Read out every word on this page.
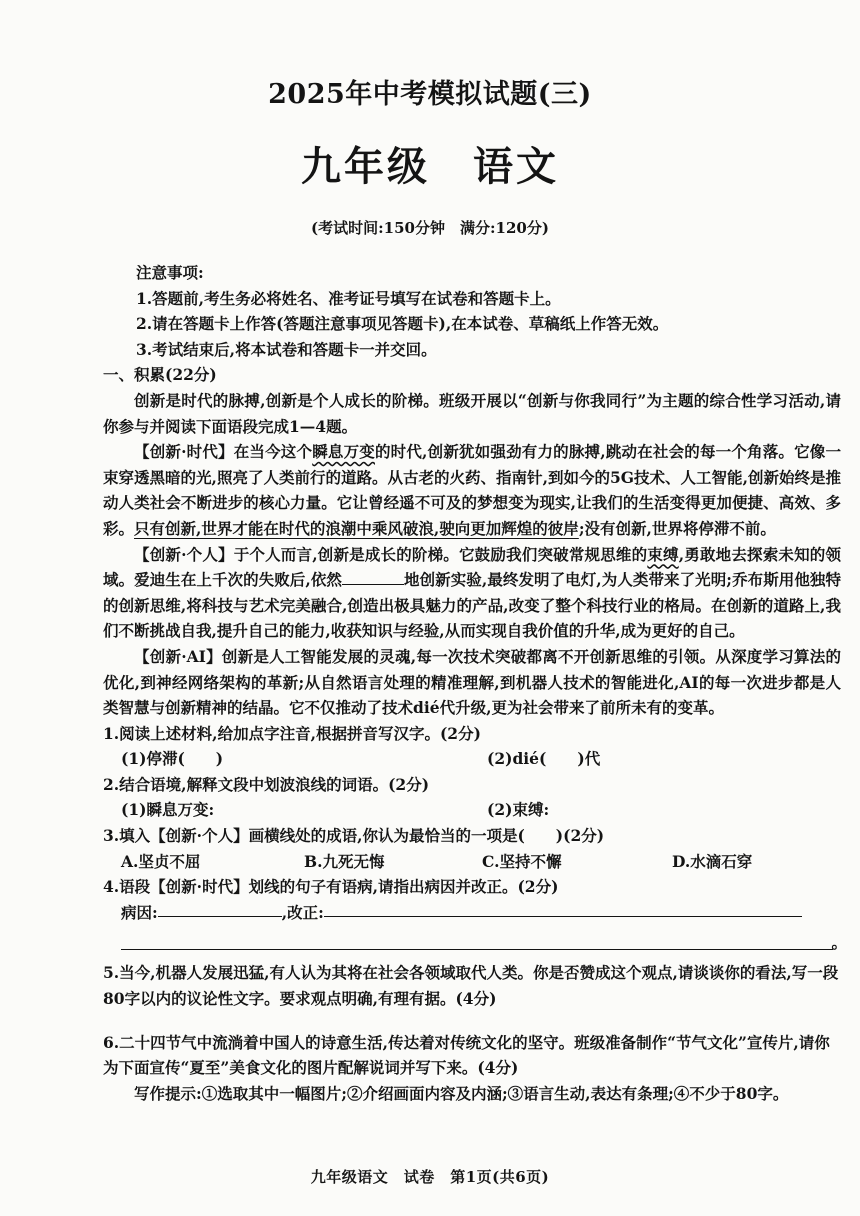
2025年中考模拟试题(三)
九年级　语文
(考试时间:150分钟　满分:120分)

注意事项:

1.答题前,考生务必将姓名、准考证号填写在试卷和答题卡上。

2.请在答题卡上作答(答题注意事项见答题卡),在本试卷、草稿纸上作答无效。

3.考试结束后,将本试卷和答题卡一并交回。

一、积累(22分)

创新是时代的脉搏,创新是个人成长的阶梯。班级开展以“创新与你我同行”为主题的综合性学习活动,请你参与并阅读下面语段完成1—4题。

【创新·时代】在当今这个瞬息万变的时代,创新犹如强劲有力的脉搏,跳动在社会的每一个角落。它像一束穿透黑暗的光,照亮了人类前行的道路。从古老的火药、指南针,到如今的5G技术、人工智能,创新始终是推动人类社会不断进步的核心力量。它让曾经遥不可及的梦想变为现实,让我们的生活变得更加便捷、高效、多彩。只有创新,世界才能在时代的浪潮中乘风破浪,驶向更加辉煌的彼岸;没有创新,世界将停滞不前。

【创新·个人】于个人而言,创新是成长的阶梯。它鼓励我们突破常规思维的束缚,勇敢地去探索未知的领域。爱迪生在上千次的失败后,依然	地创新实验,最终发明了电灯,为人类带来了光明;乔布斯用他独特的创新思维,将科技与艺术完美融合,创造出极具魅力的产品,改变了整个科技行业的格局。在创新的道路上,我们不断挑战自我,提升自己的能力,收获知识与经验,从而实现自我价值的升华,成为更好的自己。

【创新·AI】创新是人工智能发展的灵魂,每一次技术突破都离不开创新思维的引领。从深度学习算法的优化,到神经网络架构的革新;从自然语言处理的精准理解,到机器人技术的智能进化,AI的每一次进步都是人类智慧与创新精神的结晶。它不仅推动了技术dié代升级,更为社会带来了前所未有的变革。

1.阅读上述材料,给加点字注音,根据拼音写汉字。(2分)

(1)停滞(　　)	(2)dié(　　)代

2.结合语境,解释文段中划波浪线的词语。(2分)

(1)瞬息万变:	(2)束缚:

3.填入【创新·个人】画横线处的成语,你认为最恰当的一项是(　　)(2分)

A.坚贞不屈	B.九死无悔	C.坚持不懈	D.水滴石穿

4.语段【创新·时代】划线的句子有语病,请指出病因并改正。(2分)

病因:	,改正:
。

5.当今,机器人发展迅猛,有人认为其将在社会各领域取代人类。你是否赞成这个观点,请谈谈你的看法,写一段80字以内的议论性文字。要求观点明确,有理有据。(4分)

6.二十四节气中流淌着中国人的诗意生活,传达着对传统文化的坚守。班级准备制作“节气文化”宣传片,请你为下面宣传“夏至”美食文化的图片配解说词并写下来。(4分)

写作提示:①选取其中一幅图片;②介绍画面内容及内涵;③语言生动,表达有条理;④不少于80字。

九年级语文　试卷　第1页(共6页)
